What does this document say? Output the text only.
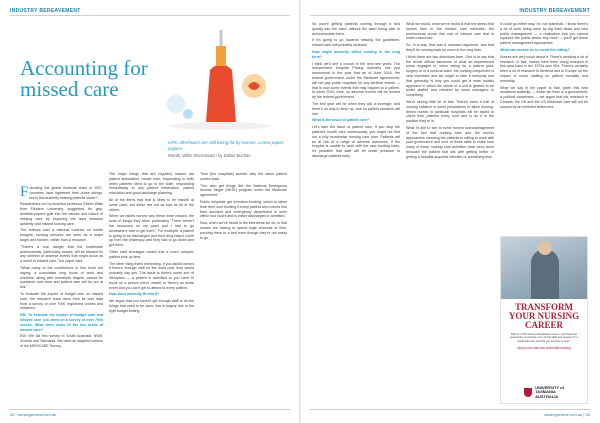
INDUSTRY BEREAVEMENT
Accounting for missed care
GPC afterhours are still being hit by nurses, a new paper argues.
Words: Willis Wormstead / by Dallas Buchan

Following the global financial crisis of 2007, countries have tightened their purse strings, but is this austerity making patients sicker?

Researchers led by emeritus professor Eileen Willis from Flinders University, suggested it's gap-dentistic-papers guilt into the causes and nature of missing care by exploring the links between austerity and missed nursing care.

The authors said a national contract on health budgets, nursing services are seen as a major target and burden, rather than a resource.

"There's a real danger that the healthcare professionals, particularly nurses, will be blamed for any sentinel or adverse events that might occur as a result of missed care," the paper said.

"What many of the contributors to this book are saying, a cumulative long hours of work and overtime, along with unrealistic targets, cannot be sustained over time and patient care will be put at risk."

To evaluate the impact of budget cuts on missed care, the research team drew from its own data from a survey of over 7000 registered nurses and midwives.

NR: To evaluate the impact of budget cuts and missed care, you drew on a survey of over 7000 nurses. What were some of the key areas of missed care?

EW: We did this survey in South Australia, NSW, Victoria and Tasmania. We used an adapted version of the MISSCARE Survey.

The major things that are regularly missed are patient ambulation, mouth care, responding to bells when patients need to go to the toilet, responding immediately to any patient medication, patient education and good discharge planning.

All of the items that that is likely to be missed at some point, but these are not as bad as all of the others.

When we asked nurses why these were missed, the sorts of things they cited: particularly "There weren't the resources on my ward and I had to go somewhere else to get them." For example, a patient is going to be discharged and their drug hasn't come up from the pharmacy and they had to go down and get them.

Other staff shortages meant that a more complex patient took up time.

The other thing that's interesting, if you asked nurses if there's enough staff on the ward now, they would probably say yes. The issue is there's some sort of disruption — a patient is admitted or you have to focus on a person who's unwell, or there's an acute event and you don't get to attend to every patient.

How does austerity fit into it?

We argue that you haven't got enough staff to do the things that need to be done, this is largely due to the tight budget setting.

Then [the hospitals] wonder why the same patient comes back.

"You also get things like the National Emergency Access Target (NEAT) program under the Medicare agreement."

Public hospitals get incentive funding, which is taken from their core funding if every patient who comes into their accident and emergency department is seen within four hours and is either discharged or admitted.

Now, when we've heard in the interviews we do, is that nurses are having to spend huge amounts of time, pushing them to a bed even though they're not ready to go.

32 | nursingreview.com.au
INDUSTRY BEREAVEMENT
nursingreview.com.au | 33

So you're getting patients coming through a bed quickly into the ward, without the ward being able to accommodate them.

If it's going to go towards missing the guidelines, missed care will probably increase.

How might austerity affect nursing in the long term?

I think we'll see a crunch in the next few years. The Independent Hospital Pricing Authority has just announced in the year that as of June 2018, the federal government, under the Medicare agreements, will not pay public hospitals for any sentinel events — that is now some events that may happen to a patient. In some 2019 June, no adverse events will be funded by the federal government.

The first year will be when they call a shortage, and there's no way to keep up, and so patient numbers will rise.

What is the issue of patient care?

Let's take the issue of patient care. If you stop the patient's mouth care continuously, you might not find out a fully mouthwise nursing care plan. Patients will be at risk of a range of adverse outcomes. If the hospital is unable to work with the new funding rules, it's probable that staff will be under pressure to discharge patients early.

What we found, what we've found is that the stress that nurses face in the missed care networks, the professional chose this rule of missed care that is under-resourced.

So, in a way, that was a nuanced argument, and that they'll be coming back for more in the long term.

I think there are two directions here. One is to say that the whole official sanctions of what an experienced nurse engages in, when caring for a patient post-surgery or in a medical ward, the nursing component is very important and we ought to take it seriously and that generally is why you could get a more holistic approach in which the whole of a unit is geared to be better staffed and checked by nurse managers or something.

We're seeing little bit of this. There's been a trial of nursing initiative in some jurisdictions to allow nursing-driven nurses in particular hospitals will be asked to check their patients every hour and to do it in the position they're in.

What I'd like to see is some honest acknowledgement of the fact that nursing care and the nurses approaches meaning the patients're willing to work with your governance and sure of those skills to make sure many of these nursing care activities have been done because the patient that sits with getting better or getting a hospital-acquired infection or something else.

It could go either way. I'm not optimistic. I know there's a lot of work being done by big think tanks and new public management — a realisation that you cannot squeeze the public sector any more — you'll get these patient management approaches.

What can nurses do to mend the hitting?

Nurses are very much about it. There's certainly a lot of research. In fact, nurses have been doing research in this area back in the 1970s and '80s. There's certainly been a lot of research in America and in Europe on the impact of nurse staffing on patient mortality and morbidity.

What we say in the paper is that, given this new neoliberal austerity — which we think is a government, a political movement — we argue that the research in Canada, the UK and the US Medicare care will not be caused by an inhibited settlement.

TRANSFORM YOUR NURSING CAREER
With an UTAS online postgraduate course, you'll have the opportunity to enhance your clinical skills and prepare for a leadership role, all while you continue to work.
Apply now utas.edu.au/health/nursing
UNIVERSITY of
TASMANIA
AUSTRALIA
